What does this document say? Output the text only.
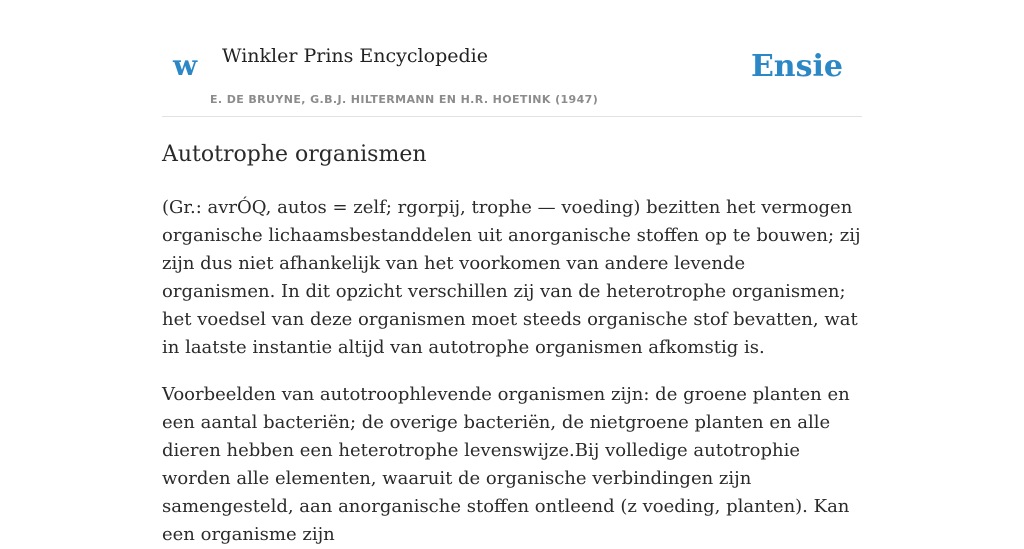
w Winkler Prins Encyclopedie
E. DE BRUYNE, G.B.J. HILTERMANN EN H.R. HOETINK (1947)
Ensie
Autotrophe organismen

(Gr.: avrÓQ, autos = zelf; rgorpij, trophe — voeding) bezitten het vermogen organische lichaamsbestanddelen uit anorganische stoffen op te bouwen; zij zijn dus niet afhankelijk van het voorkomen van andere levende organismen. In dit opzicht verschillen zij van de heterotrophe organismen; het voedsel van deze organismen moet steeds organische stof bevatten, wat in laatste instantie altijd van autotrophe organismen afkomstig is.

Voorbeelden van autotroophlevende organismen zijn: de groene planten en een aantal bacteriën; de overige bacteriën, de nietgroene planten en alle dieren hebben een heterotrophe levenswijze.Bij volledige autotrophie worden alle elementen, waaruit de organische verbindingen zijn samengesteld, aan anorganische stoffen ontleend (z voeding, planten). Kan een organisme zijn
